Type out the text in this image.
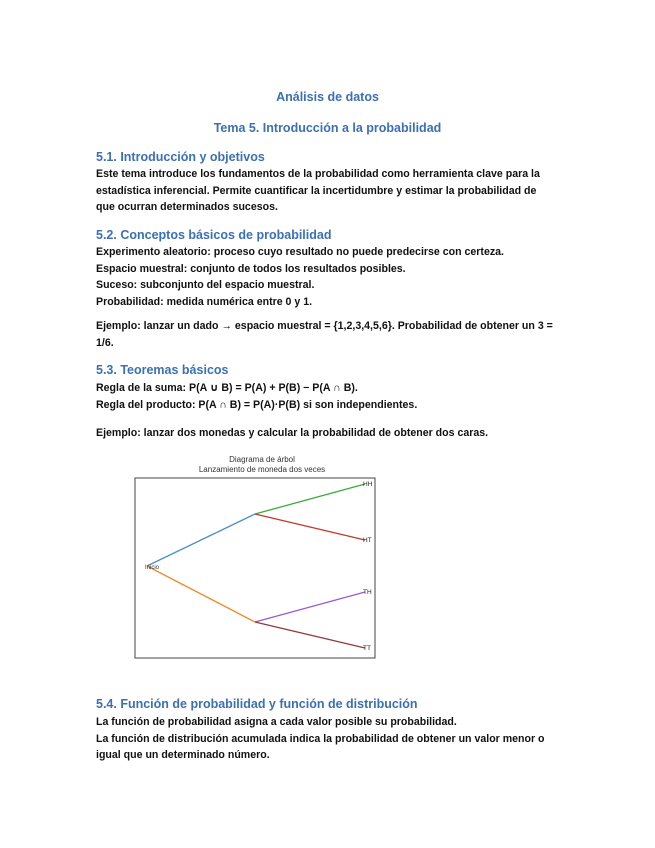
Análisis de datos
Tema 5. Introducción a la probabilidad
5.1. Introducción y objetivos
Este tema introduce los fundamentos de la probabilidad como herramienta clave para la
estadística inferencial. Permite cuantificar la incertidumbre y estimar la probabilidad de
que ocurran determinados sucesos.
5.2. Conceptos básicos de probabilidad
Experimento aleatorio: proceso cuyo resultado no puede predecirse con certeza.
Espacio muestral: conjunto de todos los resultados posibles.
Suceso: subconjunto del espacio muestral.
Probabilidad: medida numérica entre 0 y 1.
Ejemplo: lanzar un dado → espacio muestral = {1,2,3,4,5,6}. Probabilidad de obtener un 3 =
1/6.
5.3. Teoremas básicos
Regla de la suma: P(A ∪ B) = P(A) + P(B) − P(A ∩ B).
Regla del producto: P(A ∩ B) = P(A)·P(B) si son independientes.
Ejemplo: lanzar dos monedas y calcular la probabilidad de obtener dos caras.
Diagrama de árbol
Lanzamiento de moneda dos veces
Inicio
HH
HT
TH
TT
5.4. Función de probabilidad y función de distribución
La función de probabilidad asigna a cada valor posible su probabilidad.
La función de distribución acumulada indica la probabilidad de obtener un valor menor o
igual que un determinado número.
